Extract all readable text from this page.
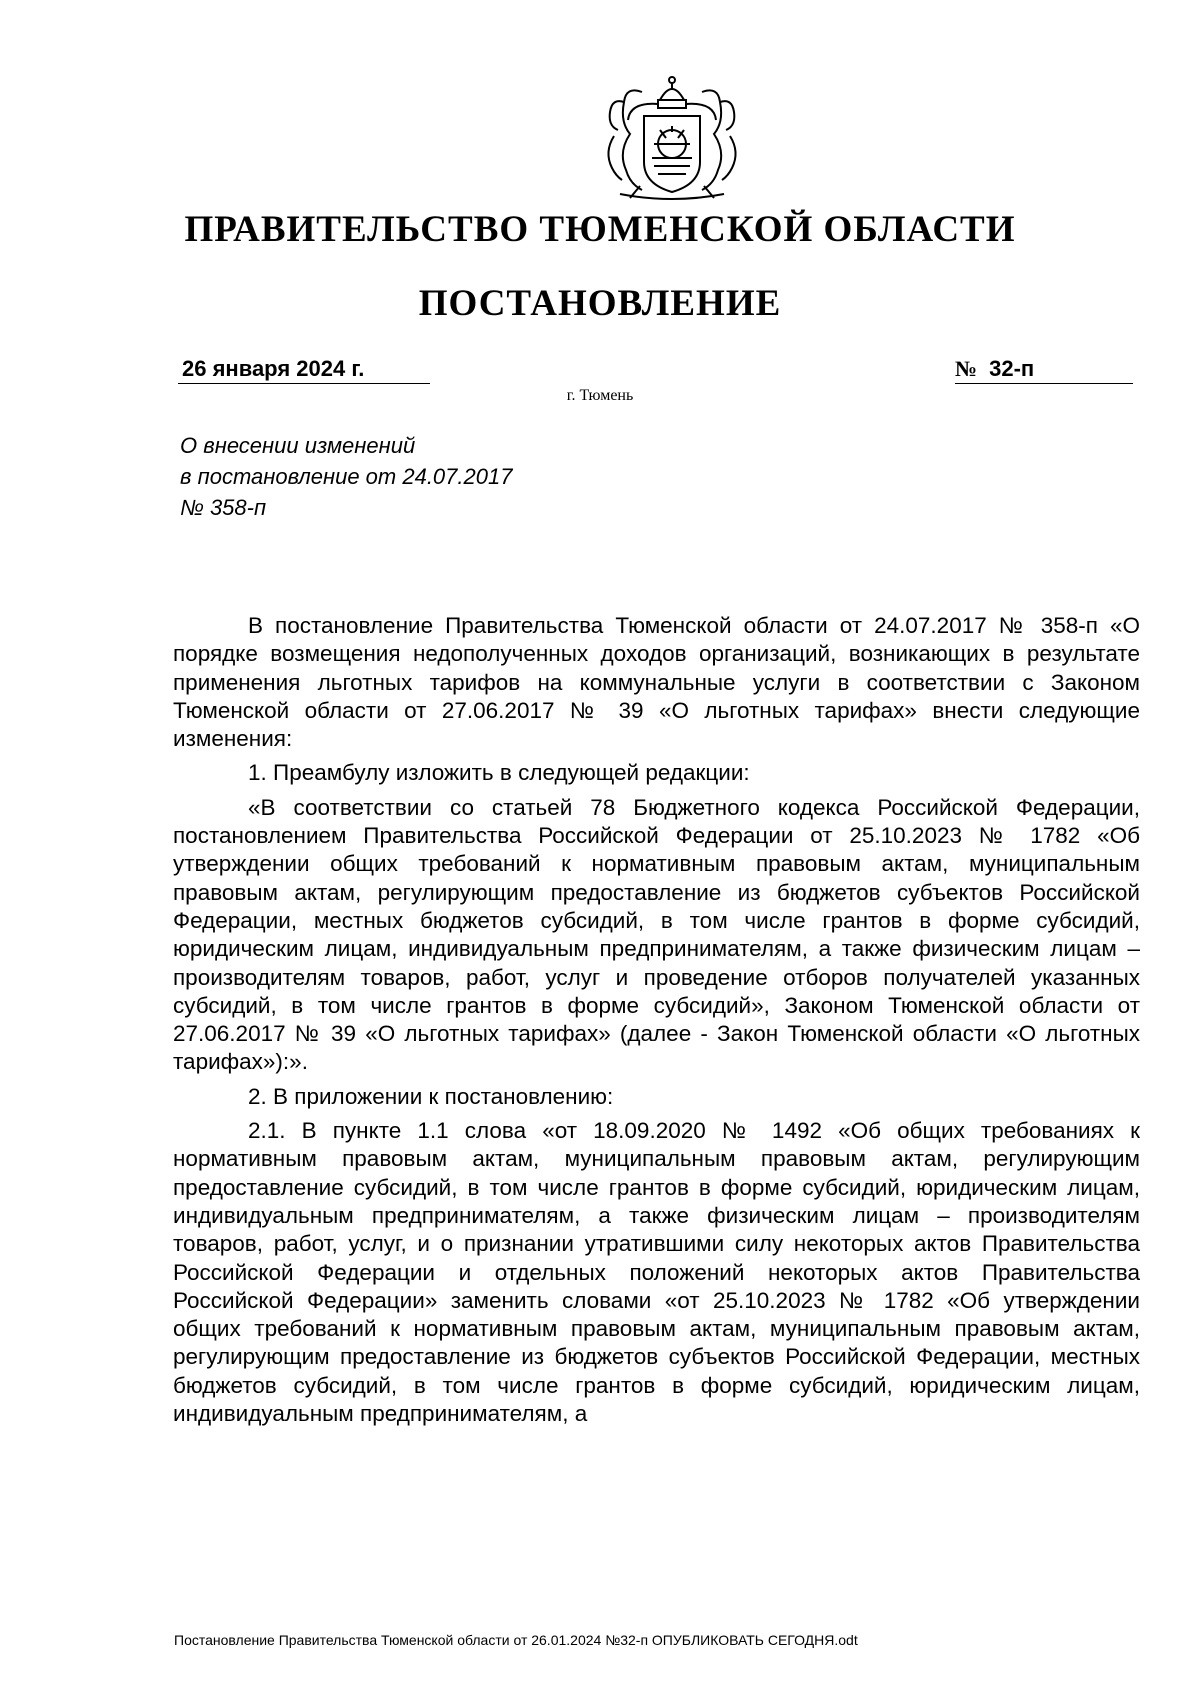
ПРАВИТЕЛЬСТВО ТЮМЕНСКОЙ ОБЛАСТИ
ПОСТАНОВЛЕНИЕ
26 января 2024 г.	№ 32-п
г. Тюмень
О внесении изменений
в постановление от 24.07.2017
№ 358-п

В постановление Правительства Тюменской области от 24.07.2017 № 358-п «О порядке возмещения недополученных доходов организаций, возникающих в результате применения льготных тарифов на коммунальные услуги в соответствии с Законом Тюменской области от 27.06.2017 № 39 «О льготных тарифах» внести следующие изменения:

1. Преамбулу изложить в следующей редакции:

«В соответствии со статьей 78 Бюджетного кодекса Российской Федерации, постановлением Правительства Российской Федерации от 25.10.2023 № 1782 «Об утверждении общих требований к нормативным правовым актам, муниципальным правовым актам, регулирующим предоставление из бюджетов субъектов Российской Федерации, местных бюджетов субсидий, в том числе грантов в форме субсидий, юридическим лицам, индивидуальным предпринимателям, а также физическим лицам – производителям товаров, работ, услуг и проведение отборов получателей указанных субсидий, в том числе грантов в форме субсидий», Законом Тюменской области от 27.06.2017 № 39 «О льготных тарифах» (далее - Закон Тюменской области «О льготных тарифах»):».

2. В приложении к постановлению:

2.1. В пункте 1.1 слова «от 18.09.2020 № 1492 «Об общих требованиях к нормативным правовым актам, муниципальным правовым актам, регулирующим предоставление субсидий, в том числе грантов в форме субсидий, юридическим лицам, индивидуальным предпринимателям, а также физическим лицам – производителям товаров, работ, услуг, и о признании утратившими силу некоторых актов Правительства Российской Федерации и отдельных положений некоторых актов Правительства Российской Федерации» заменить словами «от 25.10.2023 № 1782 «Об утверждении общих требований к нормативным правовым актам, муниципальным правовым актам, регулирующим предоставление из бюджетов субъектов Российской Федерации, местных бюджетов субсидий, в том числе грантов в форме субсидий, юридическим лицам, индивидуальным предпринимателям, а

Постановление Правительства Тюменской области от 26.01.2024 №32-п ОПУБЛИКОВАТЬ СЕГОДНЯ.odt
